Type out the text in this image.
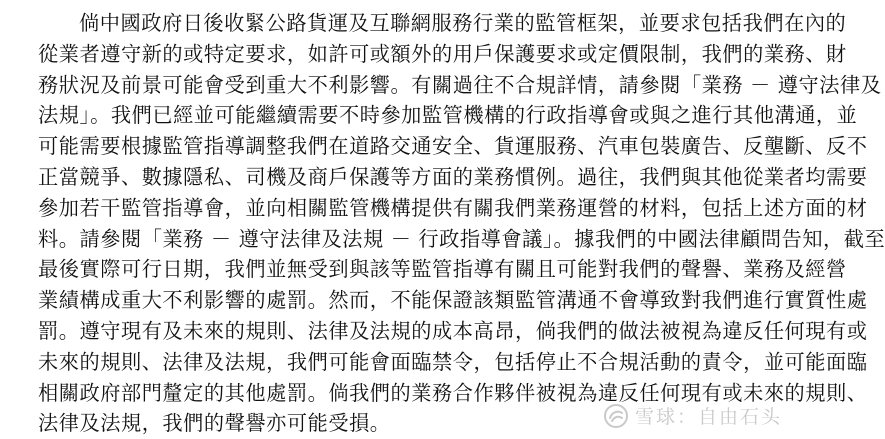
倘中國政府日後收緊公路貨運及互聯網服務行業的監管框架，並要求包括我們在內的
從業者遵守新的或特定要求，如許可或額外的用戶保護要求或定價限制，我們的業務、財
務狀況及前景可能會受到重大不利影響。有關過往不合規詳情，請參閱「業務 － 遵守法律及
法規」。我們已經並可能繼續需要不時參加監管機構的行政指導會或與之進行其他溝通，並
可能需要根據監管指導調整我們在道路交通安全、貨運服務、汽車包裝廣告、反壟斷、反不
正當競爭、數據隱私、司機及商戶保護等方面的業務慣例。過往，我們與其他從業者均需要
參加若干監管指導會，並向相關監管機構提供有關我們業務運營的材料，包括上述方面的材
料。請參閱「業務 － 遵守法律及法規 － 行政指導會議」。據我們的中國法律顧問告知，截至
最後實際可行日期，我們並無受到與該等監管指導有關且可能對我們的聲譽、業務及經營
業績構成重大不利影響的處罰。然而，不能保證該類監管溝通不會導致對我們進行實質性處
罰。遵守現有及未來的規則、法律及法規的成本高昂，倘我們的做法被視為違反任何現有或
未來的規則、法律及法規，我們可能會面臨禁令，包括停止不合規活動的責令，並可能面臨
相關政府部門釐定的其他處罰。倘我們的業務合作夥伴被視為違反任何現有或未來的規則、
法律及法規，我們的聲譽亦可能受損。	雪球：自由石头
